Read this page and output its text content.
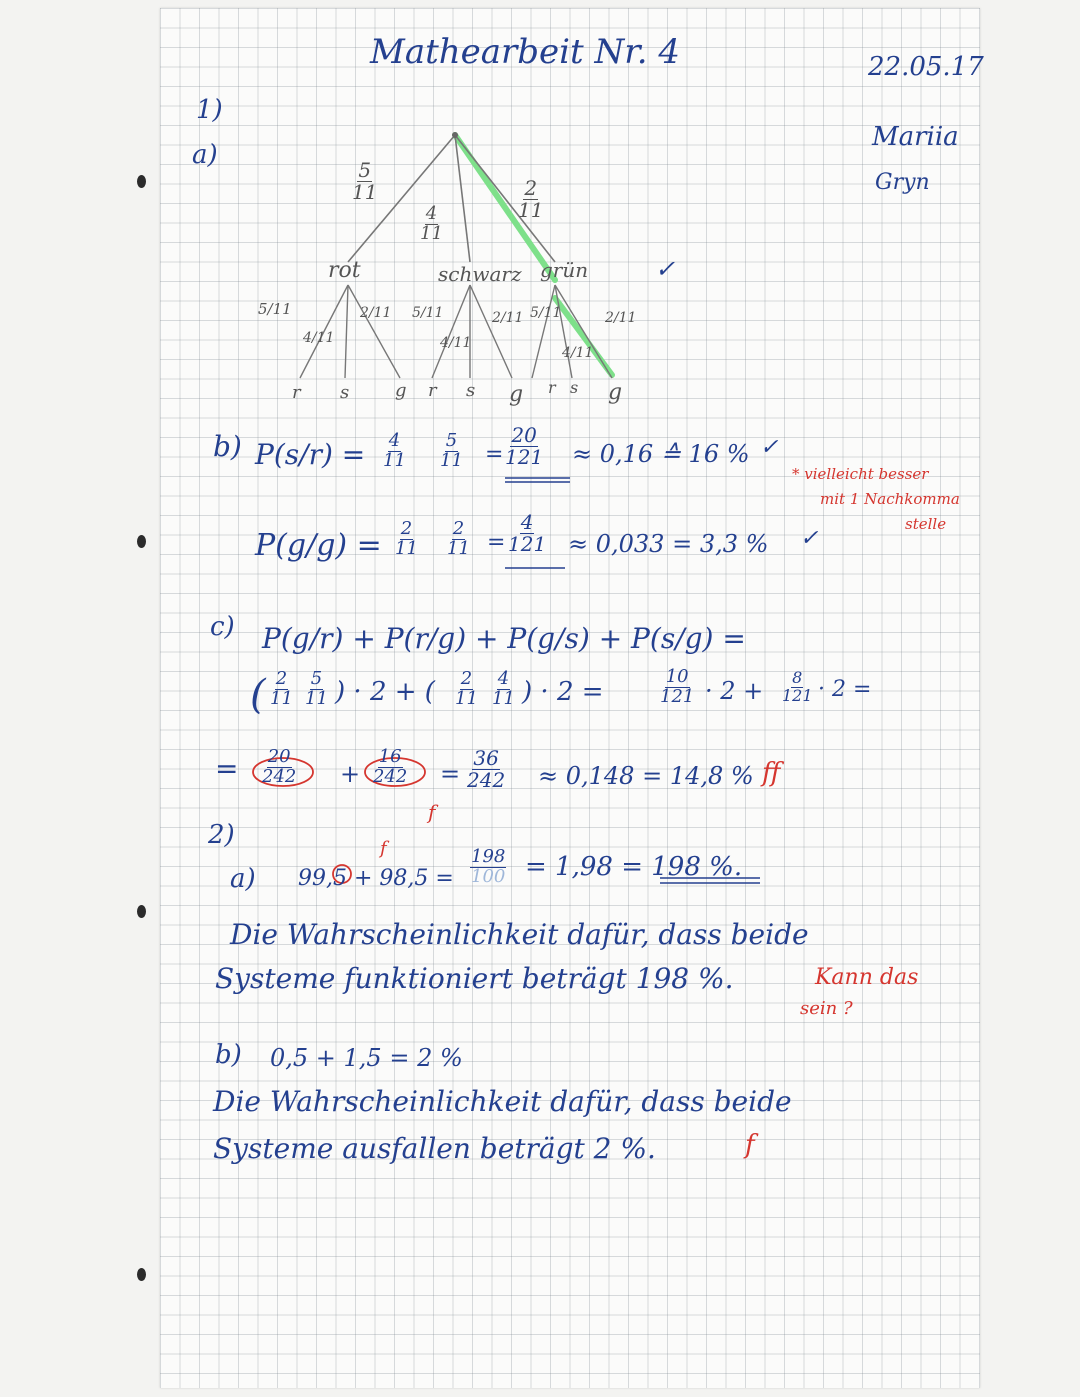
Mathearbeit Nr. 4	22.05.17
Mariia
Gryn
1)
a)
$\frac{5}{11}$
$\frac{4}{11}$
$\frac{2}{11}$
rot	schwarz grün	✓
5/11
4/11
2/11 5/11
4/11
2/11 5/11
4/11
2/11
r s	g r s g r s g
b) $P(s/r) = \frac{4}{11} \frac{5}{11} = \frac{20}{121} \approx 0,16$ ≙ 16 % ✓
$P(g/g) = \frac{2}{11} \frac{2}{11} = \frac{4}{121} \approx 0,033 = 3,3$ % ✓
* vielleicht besser
mit 1 Nachkomma
stelle
c) P(g/r) + P(r/g) + P(g/s) + P(s/g) =
( $\frac{2}{11} \frac{5}{11}$ ) · 2 + ( $\frac{2}{11} \frac{4}{11}$ ) · 2 =	$\frac{10}{121} \cdot 2 + \frac{8}{121} \cdot 2$ =
= $\frac{20}{242} + \frac{16}{242} = \frac{36}{242} \approx 0,148 = 14,8$ % ff
f
2)
a) 99,5 + 98,5 =
f	$\frac{198}{100} = 1,98 = 198$ %.
Die Wahrscheinlichkeit dafür, dass beide
Systeme funktioniert beträgt 198 %.	Kann das
sein ?
b) 0,5 + 1,5 = 2 %
Die Wahrscheinlichkeit dafür, dass beide
Systeme ausfallen beträgt 2 %.	f
